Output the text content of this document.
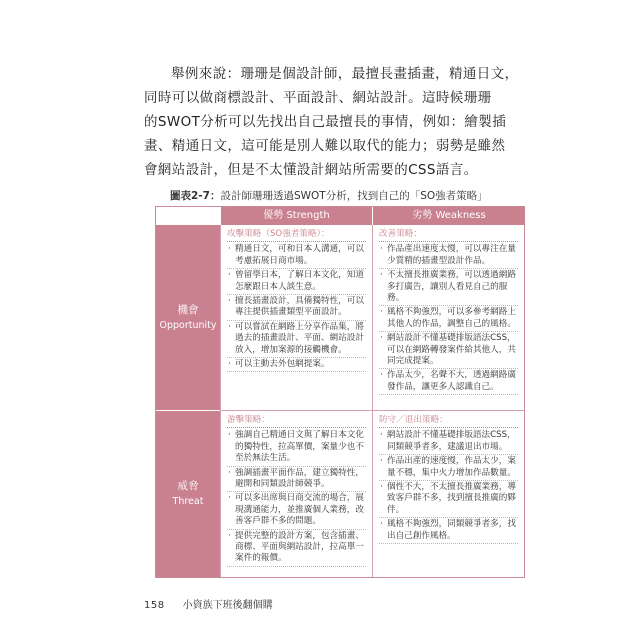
舉例來說：珊珊是個設計師，最擅長畫插畫，精通日文，
同時可以做商標設計、平面設計、網站設計。這時候珊珊
的SWOT分析可以先找出自己最擅長的事情，例如：繪製插
畫、精通日文，這可能是別人難以取代的能力；弱勢是雖然
會網站設計，但是不太懂設計網站所需要的CSS語言。
圖表2-7：設計師珊珊透過SWOT分析，找到自己的「SO強者策略」
優勢 Strength	劣勢 Weakness
機會
Opportunity
威脅
Threat
攻擊策略（SO強者策略）：
· 精通日文，可和日本人溝通，可以考慮拓展日商市場。
· 曾留學日本，了解日本文化，知道怎麼跟日本人談生意。
· 擅長插畫設計，具備獨特性，可以專注提供插畫類型平面設計。
· 可以嘗試在網路上分享作品集，將過去的插畫設計、平面、網站設計放入，增加案源的接觸機會。
· 可以主動去外包網提案。
改善策略：
· 作品產出速度太慢，可以專注在量少質精的插畫型設計作品。
· 不太擅長推廣業務，可以透過網路多打廣告，讓別人看見自己的服務。
· 風格不夠強烈，可以多參考網路上其他人的作品，調整自己的風格。
· 網站設計不懂基礎排版語法CSS，可以在網路轉發案件給其他人，共同完成提案。
· 作品太少，名聲不大，透過網路廣發作品，讓更多人認識自己。
游擊策略：
· 強調自己精通日文與了解日本文化的獨特性，拉高單價，案量少也不至於無法生活。
· 強調插畫平面作品，建立獨特性，避開和同類設計師競爭。
· 可以多出席與日商交流的場合，展現溝通能力，並推廣個人業務，改善客戶群不多的問題。
· 提供完整的設計方案，包含插畫、商標、平面與網站設計，拉高單一案件的報價。
防守／退出策略：
· 網站設計不懂基礎排版語法CSS，同類競爭者多，建議退出市場。
· 作品出產的速度慢，作品太少，案量不穩，集中火力增加作品數量。
· 個性不大，不太擅長推廣業務，導致客戶群不多，找到擅長推廣的夥伴。
· 風格不夠強烈，同類競爭者多，找出自己創作風格。
158 小資族下班後翻個購
